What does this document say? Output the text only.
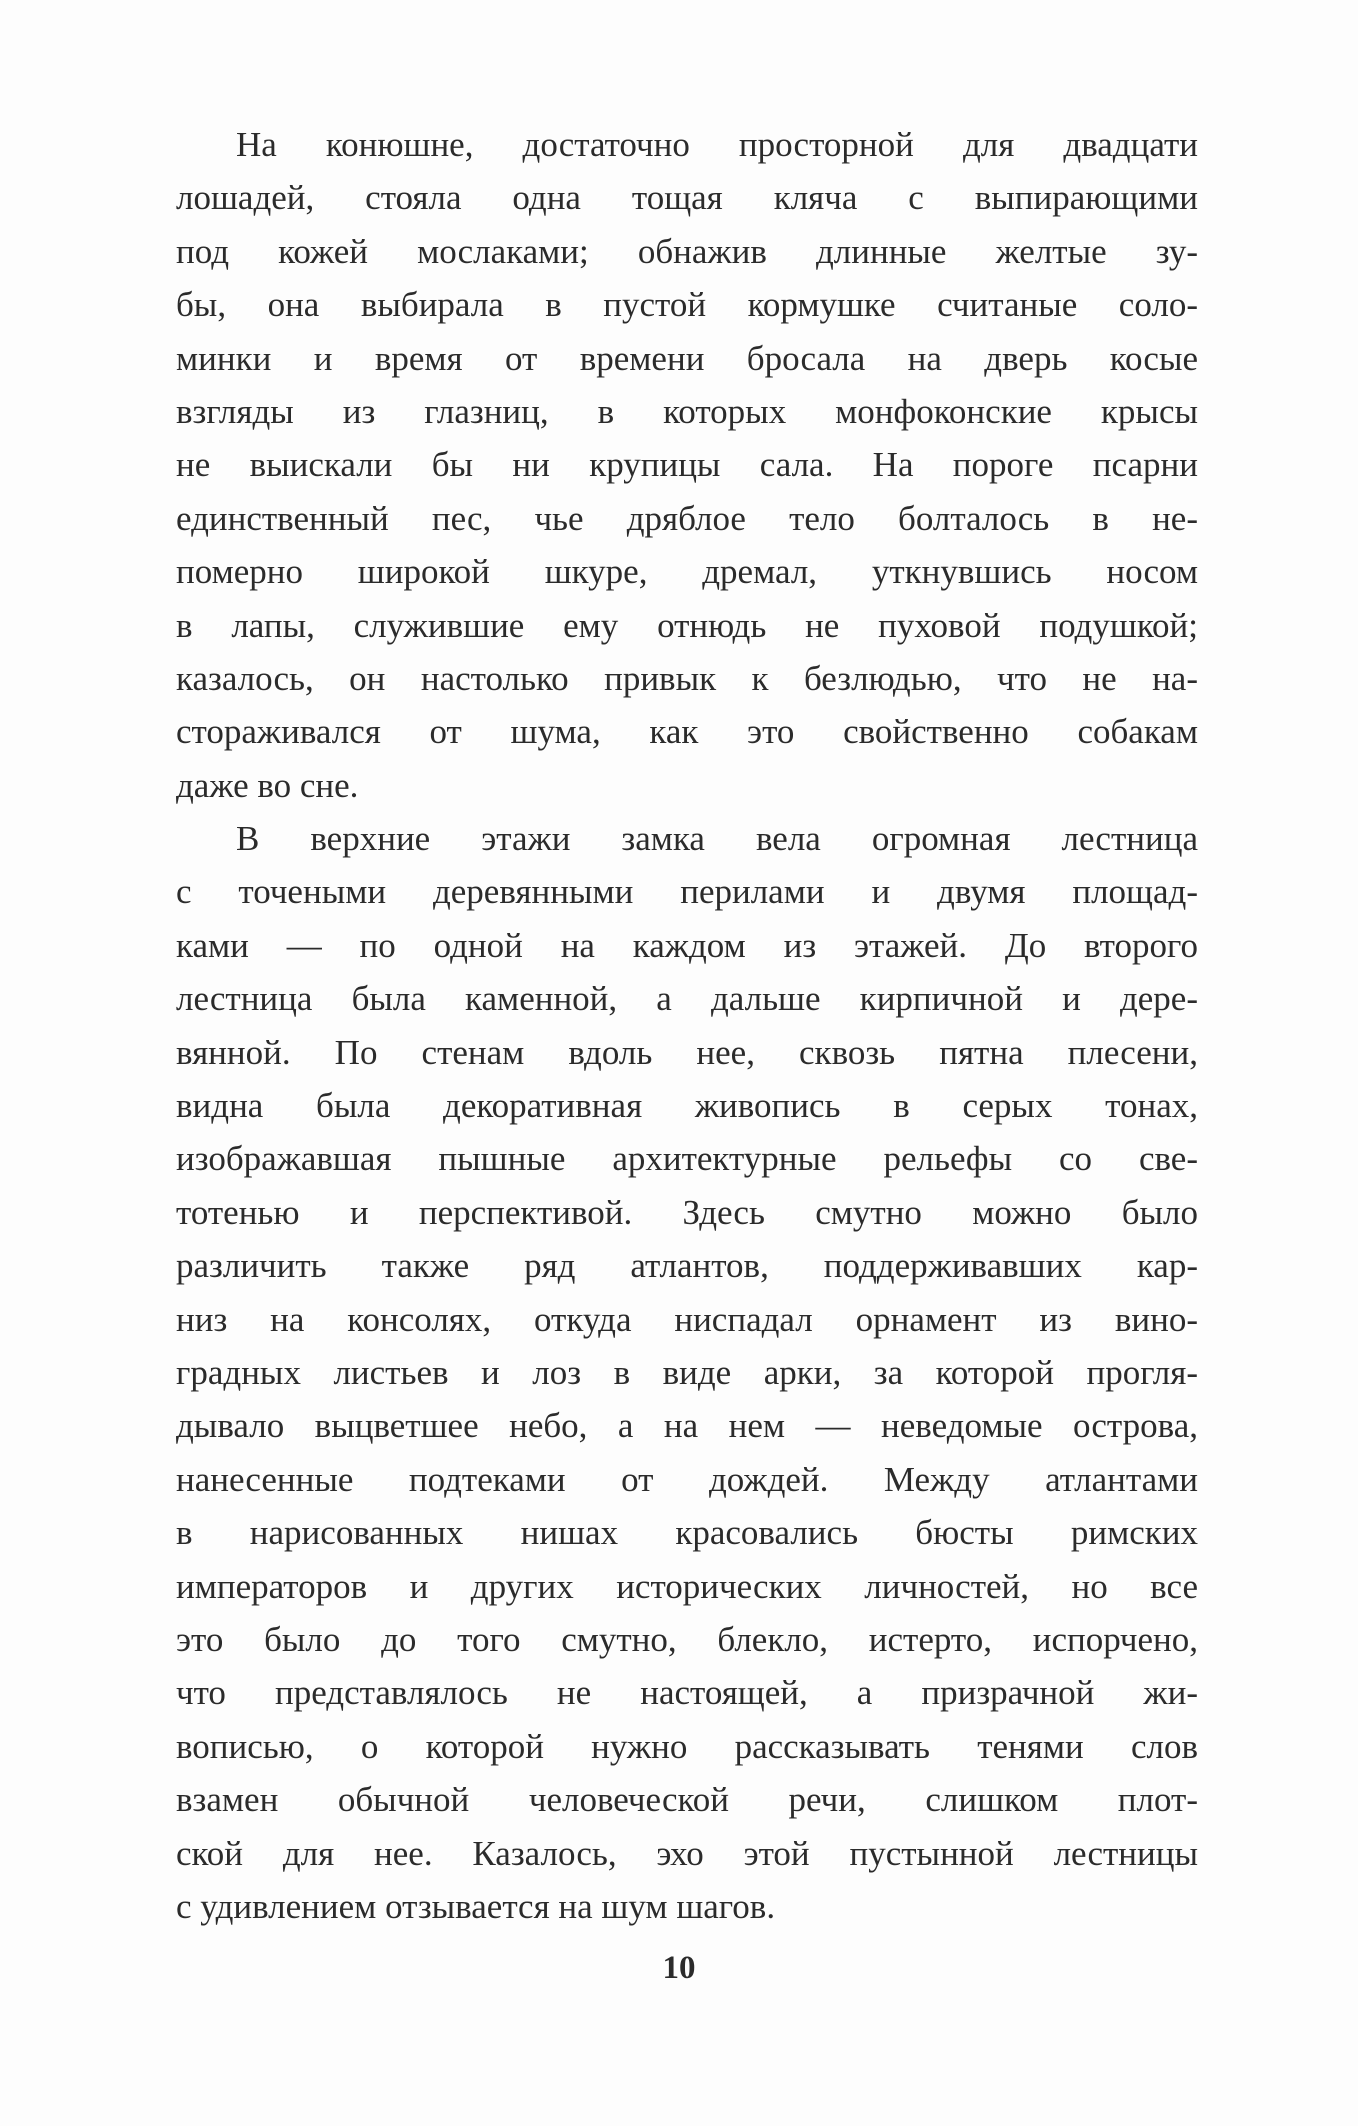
На конюшне, достаточно просторной для двадцати
лошадей, стояла одна тощая кляча с выпирающими
под кожей мослаками; обнажив длинные желтые зу-
бы, она выбирала в пустой кормушке считаные соло-
минки и время от времени бросала на дверь косые
взгляды из глазниц, в которых монфоконские крысы
не выискали бы ни крупицы сала. На пороге псарни
единственный пес, чье дряблое тело болталось в не-
померно широкой шкуре, дремал, уткнувшись носом
в лапы, служившие ему отнюдь не пуховой подушкой;
казалось, он настолько привык к безлюдью, что не на-
сторaживался от шума, как это свойственно собакам
даже во сне.
В верхние этажи замка вела огромная лестница
с точеными деревянными перилами и двумя площад-
ками — по одной на каждом из этажей. До второго
лестница была каменной, а дальше кирпичной и дере-
вянной. По стенам вдоль нее, сквозь пятна плесени,
видна была декоративная живопись в серых тонах,
изображавшая пышные архитектурные рельефы со све-
тотенью и перспективой. Здесь смутно можно было
различить также ряд атлантов, поддерживавших кар-
низ на консолях, откуда ниспадал орнамент из вино-
градных листьев и лоз в виде арки, за которой прогля-
дывало выцветшее небо, а на нем — неведомые острова,
нанесенные подтеками от дождей. Между атлантами
в нарисованных нишах красовались бюсты римских
императоров и других исторических личностей, но все
это было до того смутно, блекло, истерто, испорчено,
что представлялось не настоящей, а призрачной жи-
вописью, о которой нужно рассказывать тенями слов
взамен обычной человеческой речи, слишком плот-
ской для нее. Казалось, эхо этой пустынной лестницы
с удивлением отзывается на шум шагов.
10
